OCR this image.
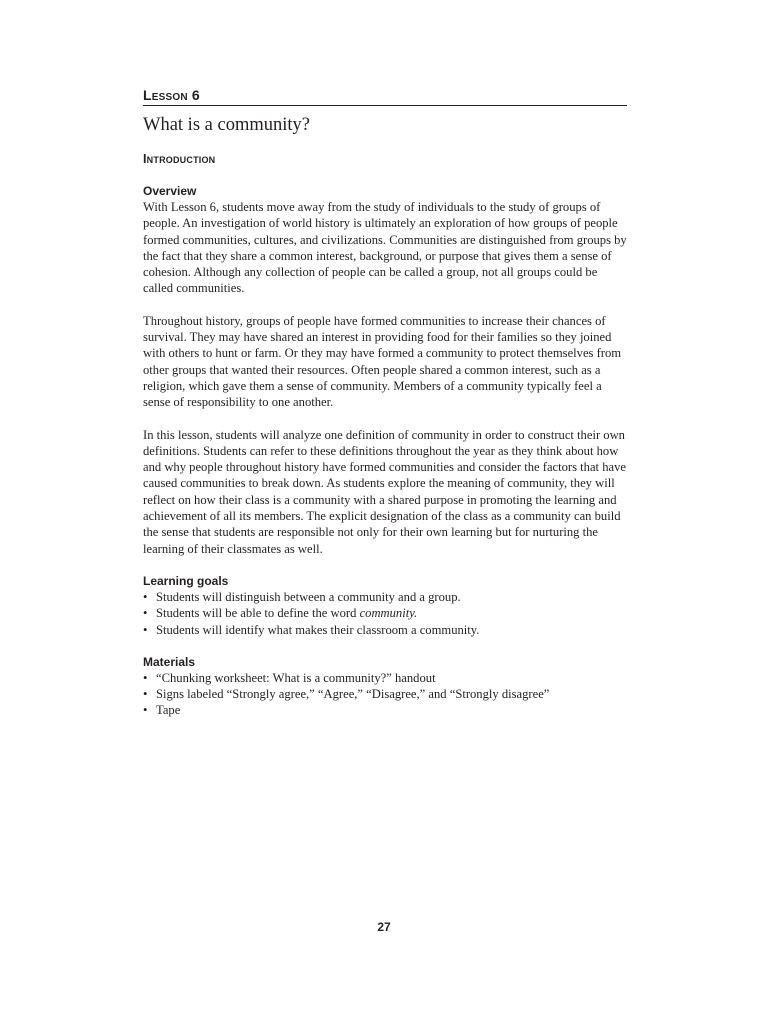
Lesson 6
What is a community?
Introduction
Overview

With Lesson 6, students move away from the study of individuals to the study of groups of people. An investigation of world history is ultimately an exploration of how groups of people formed communities, cultures, and civilizations. Communities are distinguished from groups by the fact that they share a common interest, background, or purpose that gives them a sense of cohesion. Although any collection of people can be called a group, not all groups could be called communities.

Throughout history, groups of people have formed communities to increase their chances of survival. They may have shared an interest in providing food for their families so they joined with others to hunt or farm. Or they may have formed a community to protect themselves from other groups that wanted their resources. Often people shared a common interest, such as a religion, which gave them a sense of community. Members of a community typically feel a sense of responsibility to one another.

In this lesson, students will analyze one definition of community in order to construct their own definitions. Students can refer to these definitions throughout the year as they think about how and why people throughout history have formed communities and consider the factors that have caused communities to break down. As students explore the meaning of community, they will reflect on how their class is a community with a shared purpose in promoting the learning and achievement of all its members. The explicit designation of the class as a community can build the sense that students are responsible not only for their own learning but for nurturing the learning of their classmates as well.

Learning goals
• Students will distinguish between a community and a group.
• Students will be able to define the word community.
• Students will identify what makes their classroom a community.
Materials
• “Chunking worksheet: What is a community?” handout
• Signs labeled “Strongly agree,” “Agree,” “Disagree,” and “Strongly disagree”
• Tape
27
